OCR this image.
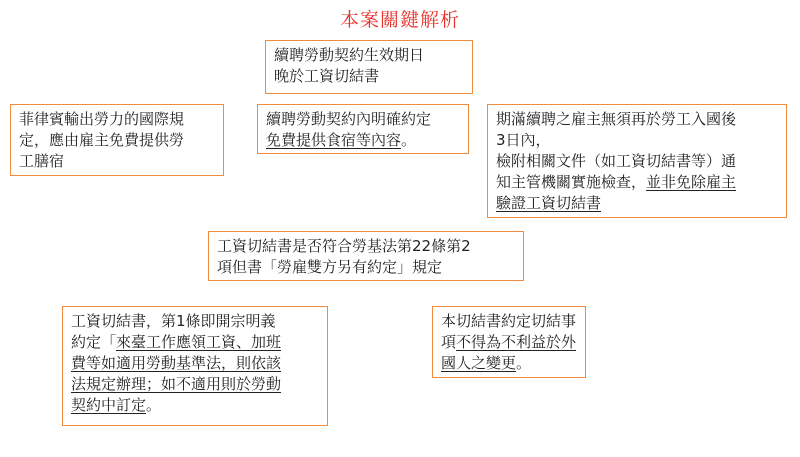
本案關鍵解析
續聘勞動契約生效期日
晚於工資切結書
菲律賓輸出勞力的國際規
定，應由雇主免費提供勞
工膳宿
續聘勞動契約內明確約定
免費提供食宿等內容。
期滿續聘之雇主無須再於勞工入國後
3日內，
檢附相關文件（如工資切結書等）通
知主管機關實施檢查，並非免除雇主
驗證工資切結書
工資切結書是否符合勞基法第22條第2
項但書「勞雇雙方另有約定」規定
工資切結書，第1條即開宗明義
約定「來臺工作應領工資、加班
費等如適用勞動基準法，則依該
法規定辦理；如不適用則於勞動
契約中訂定。
本切結書約定切結事
項不得為不利益於外
國人之變更。
